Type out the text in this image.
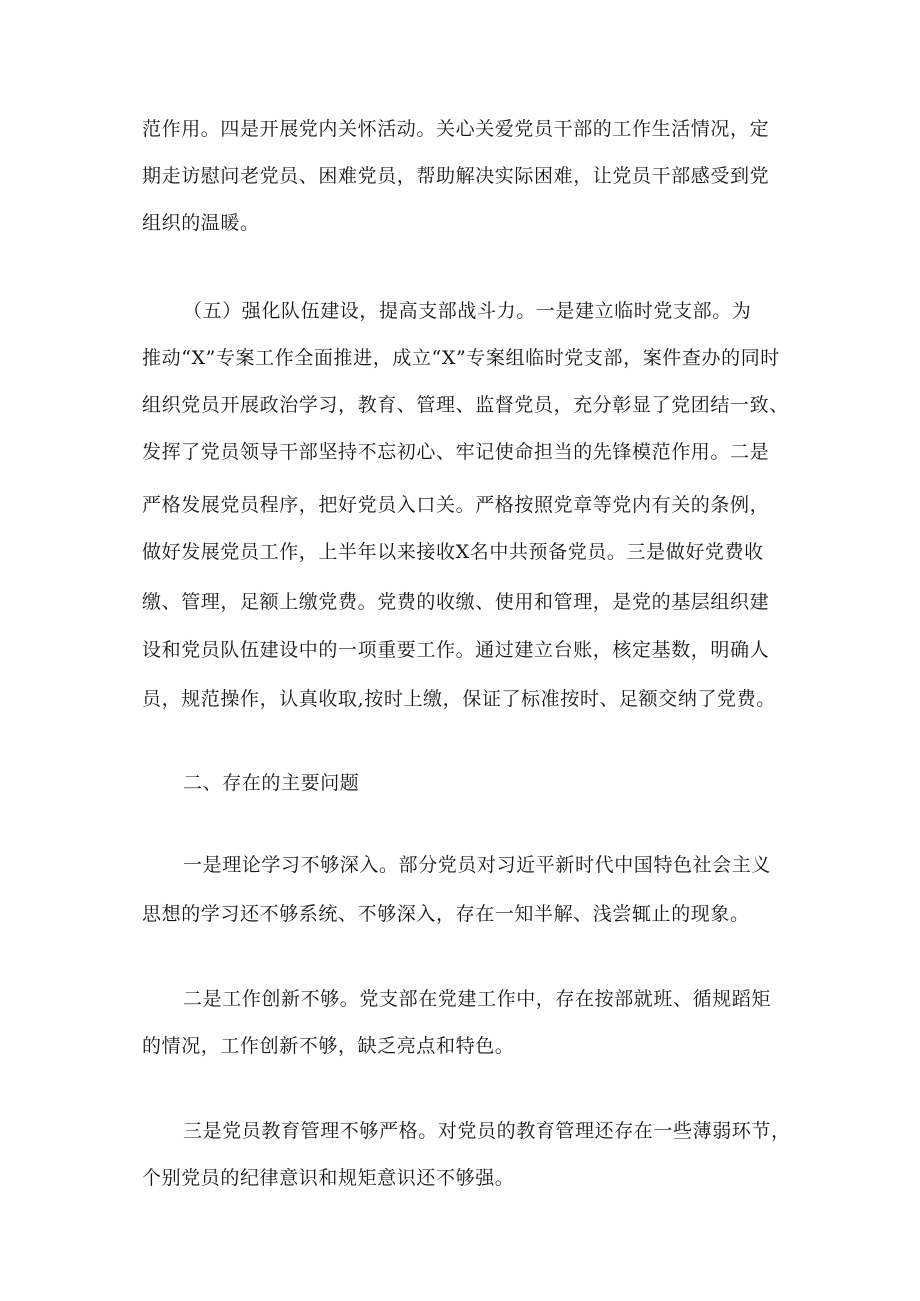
范作用。四是开展党内关怀活动。关心关爱党员干部的工作生活情况，定
期走访慰问老党员、困难党员，帮助解决实际困难，让党员干部感受到党
组织的温暖。
（五）强化队伍建设，提高支部战斗力。一是建立临时党支部。为
推动“X”专案工作全面推进，成立“X”专案组临时党支部，案件查办的同时
组织党员开展政治学习，教育、管理、监督党员，充分彰显了党团结一致、
发挥了党员领导干部坚持不忘初心、牢记使命担当的先锋模范作用。二是
严格发展党员程序，把好党员入口关。严格按照党章等党内有关的条例，
做好发展党员工作，上半年以来接收X名中共预备党员。三是做好党费收
缴、管理，足额上缴党费。党费的收缴、使用和管理，是党的基层组织建
设和党员队伍建设中的一项重要工作。通过建立台账，核定基数，明确人
员，规范操作，认真收取,按时上缴，保证了标准按时、足额交纳了党费。
二、存在的主要问题
一是理论学习不够深入。部分党员对习近平新时代中国特色社会主义
思想的学习还不够系统、不够深入，存在一知半解、浅尝辄止的现象。
二是工作创新不够。党支部在党建工作中，存在按部就班、循规蹈矩
的情况，工作创新不够，缺乏亮点和特色。
三是党员教育管理不够严格。对党员的教育管理还存在一些薄弱环节，
个别党员的纪律意识和规矩意识还不够强。
